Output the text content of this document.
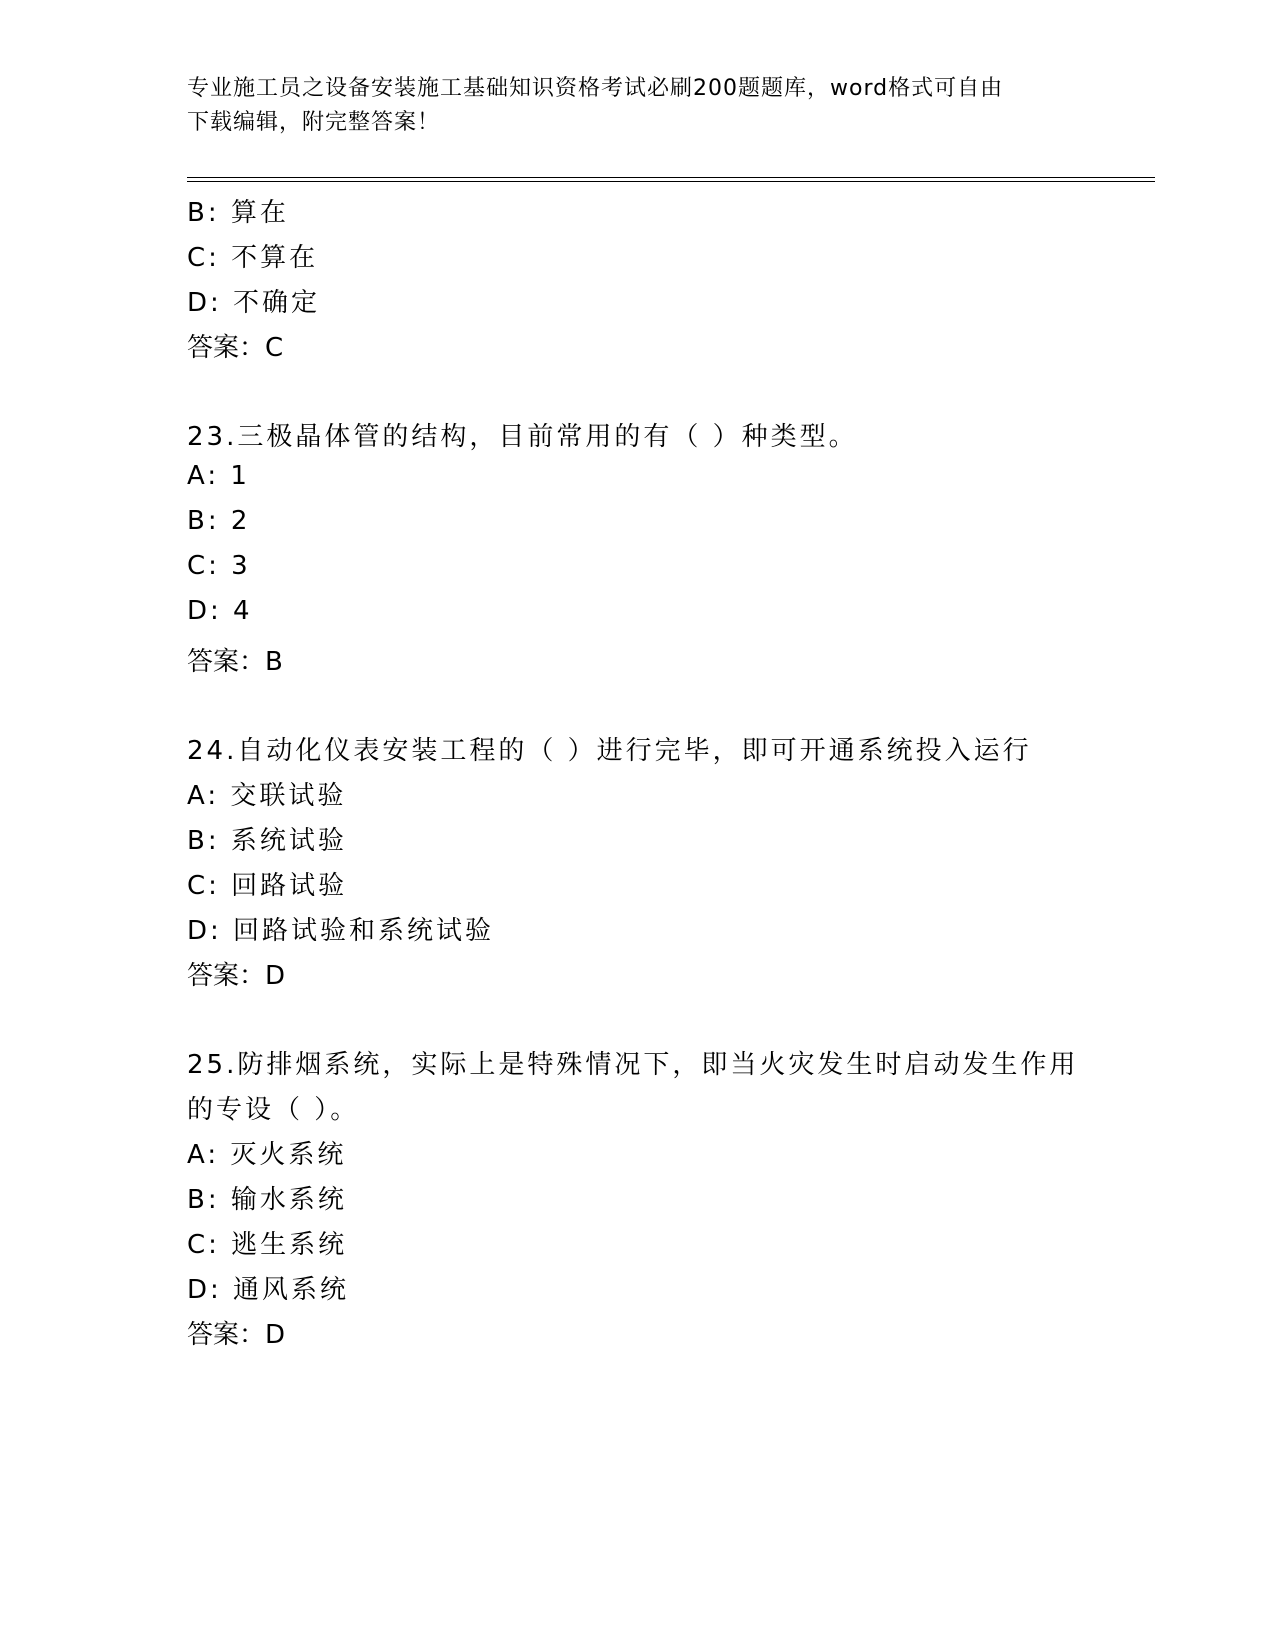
专业施工员之设备安装施工基础知识资格考试必刷200题题库，word格式可自由
下载编辑，附完整答案！
B: 算在
C: 不算在
D: 不确定
答案：C
23.三极晶体管的结构，目前常用的有（ ）种类型。
A: 1
B: 2
C: 3
D: 4
答案：B
24.自动化仪表安装工程的（ ）进行完毕，即可开通系统投入运行
A: 交联试验
B: 系统试验
C: 回路试验
D: 回路试验和系统试验
答案：D
25.防排烟系统，实际上是特殊情况下，即当火灾发生时启动发生作用
的专设（ ）。
A: 灭火系统
B: 输水系统
C: 逃生系统
D: 通风系统
答案：D
